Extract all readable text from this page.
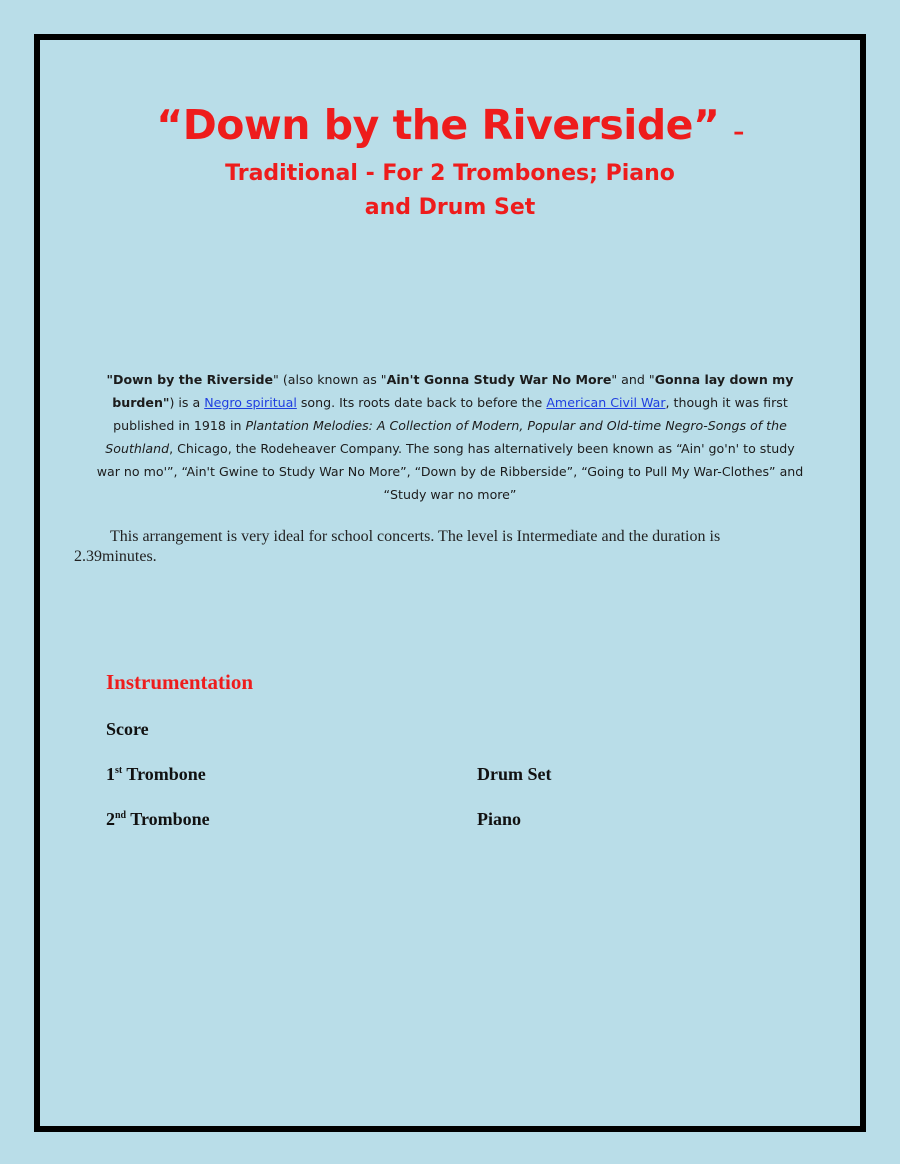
“Down by the Riverside” –
Traditional - For 2 Trombones; Piano
and Drum Set
"Down by the Riverside" (also known as "Ain't Gonna Study War No More" and "Gonna lay down my burden") is a Negro spiritual song. Its roots date back to before the American Civil War, though it was first published in 1918 in Plantation Melodies: A Collection of Modern, Popular and Old-time Negro-Songs of the Southland, Chicago, the Rodeheaver Company. The song has alternatively been known as “Ain' go'n' to study war no mo'”, “Ain't Gwine to Study War No More”, “Down by de Ribberside”, “Going to Pull My War-Clothes” and “Study war no more”
This arrangement is very ideal for school concerts. The level is Intermediate and the duration is
2.39minutes.
Instrumentation
Score
1st Trombone
2nd Trombone
Drum Set
Piano
